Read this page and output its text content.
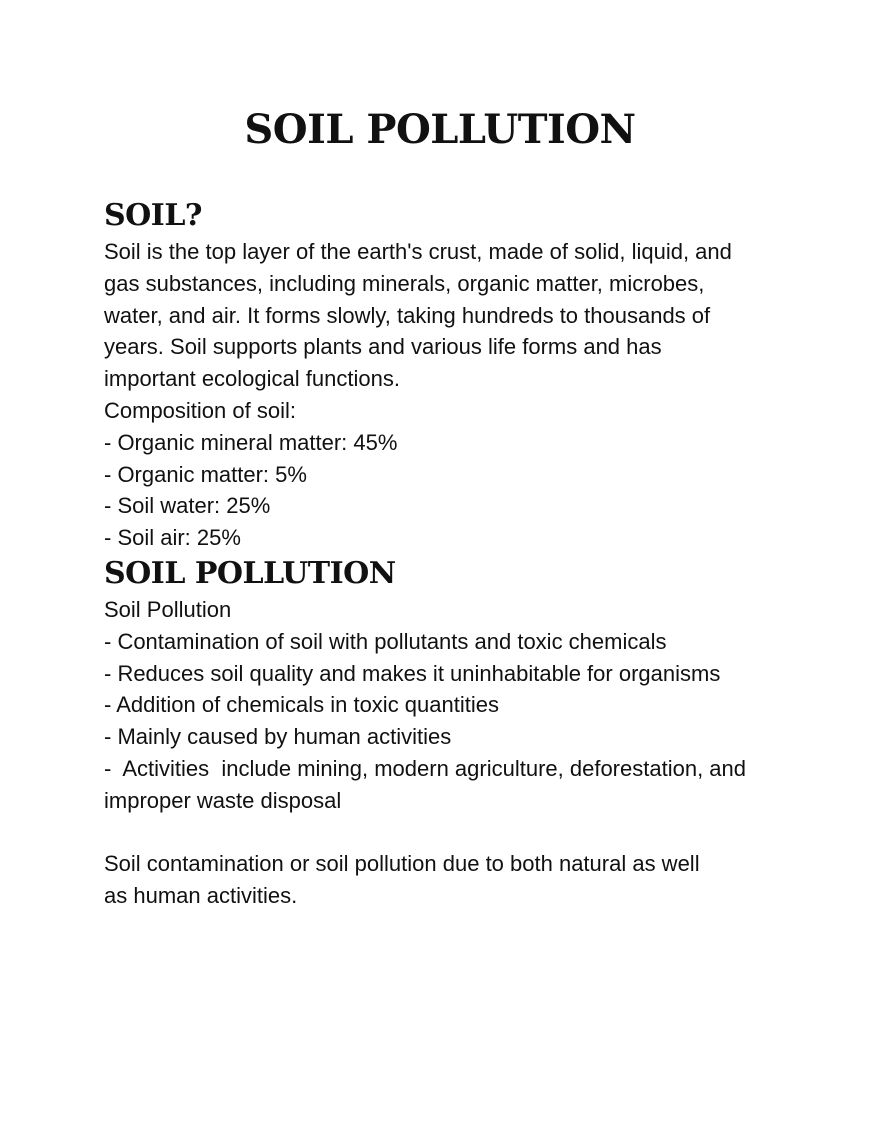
SOIL POLLUTION
SOIL?

Soil is the top layer of the earth's crust, made of solid, liquid, and

gas substances, including minerals, organic matter, microbes,

water, and air. It forms slowly, taking hundreds to thousands of

years. Soil supports plants and various life forms and has

important ecological functions.

Composition of soil:

- Organic mineral matter: 45%

- Organic matter: 5%

- Soil water: 25%

- Soil air: 25%

SOIL POLLUTION

Soil Pollution

- Contamination of soil with pollutants and toxic chemicals

- Reduces soil quality and makes it uninhabitable for organisms

- Addition of chemicals in toxic quantities

- Mainly caused by human activities

-  Activities  include mining, modern agriculture, deforestation, and

improper waste disposal

Soil contamination or soil pollution due to both natural as well

as human activities.
